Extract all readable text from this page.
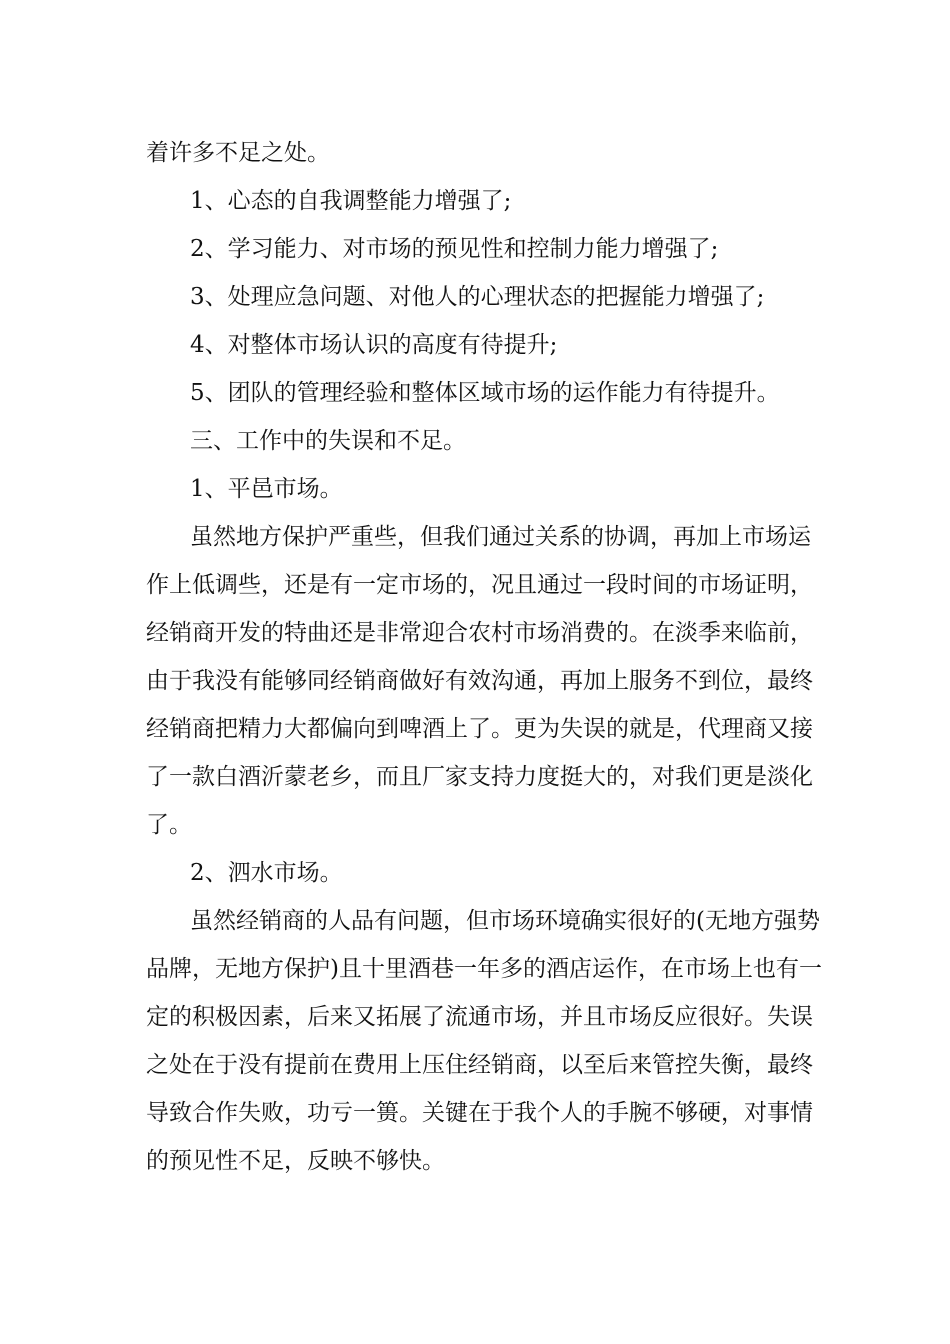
着许多不足之处。

1、心态的自我调整能力增强了;

2、学习能力、对市场的预见性和控制力能力增强了;

3、处理应急问题、对他人的心理状态的把握能力增强了;

4、对整体市场认识的高度有待提升;

5、团队的管理经验和整体区域市场的运作能力有待提升。

三、工作中的失误和不足。

1、平邑市场。

虽然地方保护严重些，但我们通过关系的协调，再加上市场运

作上低调些，还是有一定市场的，况且通过一段时间的市场证明，

经销商开发的特曲还是非常迎合农村市场消费的。在淡季来临前，

由于我没有能够同经销商做好有效沟通，再加上服务不到位，最终

经销商把精力大都偏向到啤酒上了。更为失误的就是，代理商又接

了一款白酒沂蒙老乡，而且厂家支持力度挺大的，对我们更是淡化

了。

2、泗水市场。

虽然经销商的人品有问题，但市场环境确实很好的(无地方强势

品牌，无地方保护)且十里酒巷一年多的酒店运作，在市场上也有一

定的积极因素，后来又拓展了流通市场，并且市场反应很好。失误

之处在于没有提前在费用上压住经销商，以至后来管控失衡，最终

导致合作失败，功亏一篑。关键在于我个人的手腕不够硬，对事情

的预见性不足，反映不够快。
